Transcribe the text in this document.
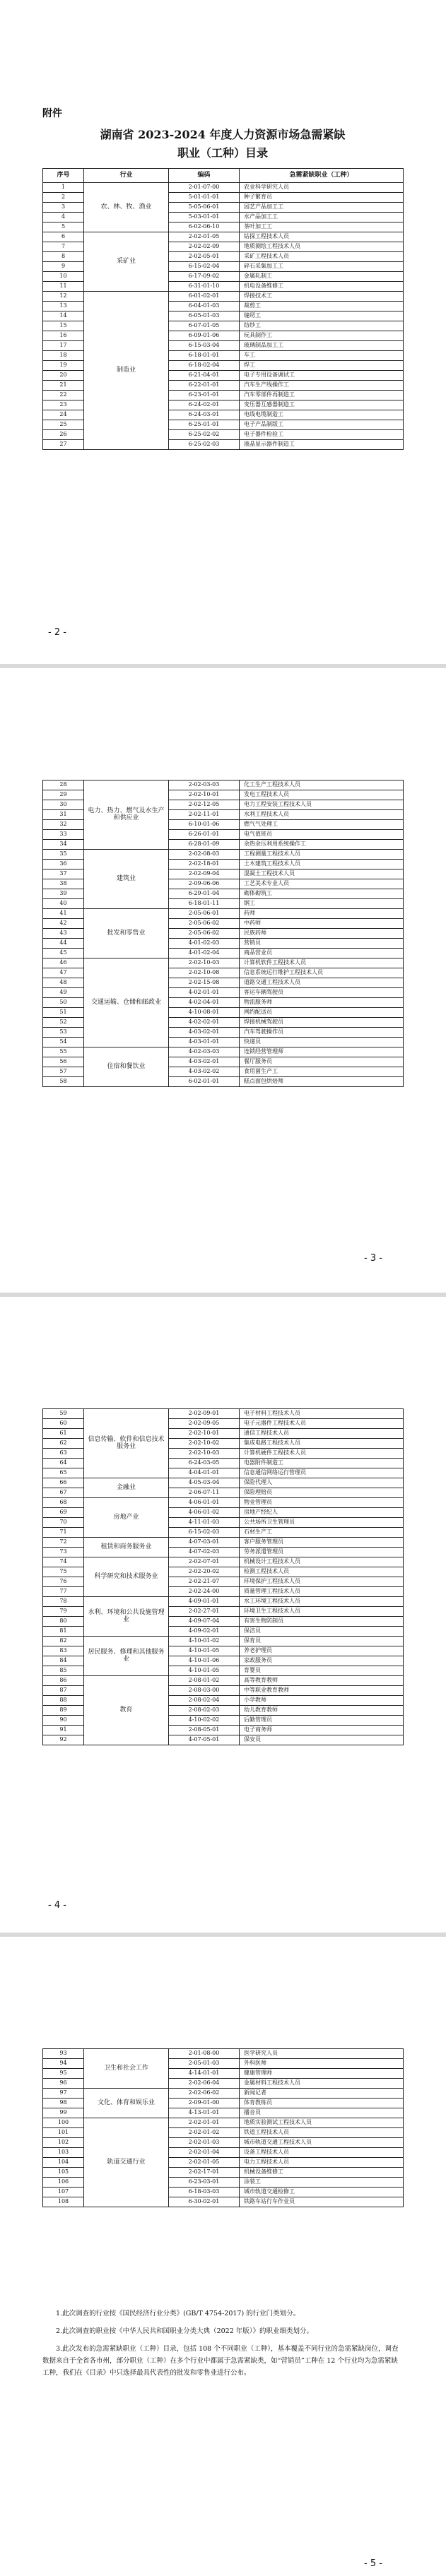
附件
湖南省 2023-2024 年度人力资源市场急需紧缺
职业（工种）目录
序号	行业	编码	急需紧缺职业（工种）
1	农、林、牧、渔业	2-01-07-00	农业科学研究人员
2		5-01-01-01	种子繁育员
3		5-05-06-01	园艺产品加工工
4		5-03-01-01	水产品加工工
5		6-02-06-10	茶叶加工工
6	采矿业	2-02-01-05	钻探工程技术人员
7		2-02-02-09	地质测绘工程技术人员
8		2-02-05-01	采矿工程技术人员
9		6-15-02-04	碎石采集加工工
10		6-17-09-02	金属轧制工
11		6-31-01-10	机电设备维修工
12	制造业	6-01-02-01	焊接技术工
13		6-04-01-03	裁剪工
14		6-05-01-03	缝纫工
15		6-07-01-05	纺纱工
16		6-09-01-06	玩具制作工
17		6-15-03-04	玻璃制品加工工
18		6-18-01-01	车工
19		6-18-02-04	焊工
20		6-21-04-01	电子专用设备调试工
21		6-22-01-01	汽车生产线操作工
22		6-23-01-01	汽车零部件再制造工
23		6-24-02-01	变压器互感器制造工
24		6-24-03-01	电线电缆制造工
25		6-25-01-01	电子产品制版工
26		6-25-02-02	电子器件检验工
27		6-25-02-03	液晶显示器件制造工
- 2 -
28	电力、热力、燃气及水生产和供应业	2-02-03-03	化工生产工程技术人员
29		2-02-10-01	发电工程技术人员
30		2-02-12-05	电力工程安装工程技术人员
31		2-02-11-01	水利工程技术人员
32		6-10-01-06	燃气气处理工
33		6-26-01-01	电气值班员
34		6-28-01-09	余热余压利用系统操作工
35	建筑业	2-02-08-03	工程测量工程技术人员
36		2-02-18-01	土木建筑工程技术人员
37		2-02-09-04	混凝土工程技术人员
38		2-09-06-06	工艺美术专业人员
39		6-29-01-04	砌体砌筑工
40		6-18-01-11	钢工
41	批发和零售业	2-05-06-01	药师
42		2-05-06-02	中药师
43		2-05-06-02	民族药师
44		4-01-02-03	营销员
45		4-01-02-04	商品营业员
46	交通运输、仓储和邮政业	2-02-10-03	计算机软件工程技术人员
47		2-02-10-08	信息系统运行维护工程技术人员
48		2-02-15-08	道路交通工程技术人员
49		4-02-01-01	客运车辆驾驶员
50		4-02-04-01	物流服务师
51		4-10-08-01	网约配送员
52		4-02-02-01	焊接机械驾驶员
53		4-03-02-01	汽车驾驶操作员
54		4-03-01-01	快递员
55	住宿和餐饮业	4-02-03-03	连锁经营管理师
56		4-03-02-01	餐厅服务员
57		4-03-02-02	食用菌生产工
58		6-02-01-01	糕点面包烘焙师
- 3 -
59	信息传输、软件和信息技术服务业	2-02-09-01	电子材料工程技术人员
60		2-02-09-05	电子元器件工程技术人员
61		2-02-10-01	通信工程技术人员
62		2-02-10-02	集成电路工程技术人员
63		2-02-10-03	计算机硬件工程技术人员
64		6-24-03-05	电器附件制造工
65		4-04-01-01	信息通信网络运行管理员
66	金融业	4-05-03-04	保险代理人
67		2-06-07-11	保险理赔员
68	房地产业	4-06-01-01	物业管理员
69		4-06-01-02	房地产经纪人
70		4-11-01-03	公共场所卫生管理员
71		6-15-02-03	石材生产工
72	租赁和商务服务业	4-07-03-01	客户服务管理员
73		4-07-02-03	劳务派遣管理员
74	科学研究和技术服务业	2-02-07-01	机械设计工程技术人员
75		2-02-20-02	检测工程技术人员
76		2-02-21-07	环境保护工程技术人员
77		2-02-24-00	质量管理工程技术人员
78	水利、环境和公共设施管理业	4-09-01-01	水工环境工程技术人员
79		2-02-27-01	环境卫生工程技术人员
80		4-09-07-04	有害生物防制员
81		4-09-02-01	保洁员
82	居民服务、修理和其他服务业	4-10-01-02	保育员
83		4-10-01-05	养老护理员
84		4-10-01-06	家政服务员
85		4-10-01-05	育婴员
86	教育	2-08-01-02	高等教育教师
87		2-08-03-00	中等职业教育教师
88		2-08-02-04	小学教师
89		2-08-02-03	幼儿教育教师
90		4-10-02-02	后勤管理员
91		2-08-05-01	电子商务师
92		4-07-05-01	保安员
- 4 -
93	卫生和社会工作	2-01-08-00	医学研究人员
94		2-05-01-03	外科医师
95		4-14-01-01	健康管理师
96		2-02-06-04	金属材料工程技术人员
97	文化、体育和娱乐业	2-02-06-02	新闻记者
98		2-09-01-00	体育教练员
99		4-13-01-01	播音员
100	轨道交通行业	2-02-01-01	地质实验测试工程技术人员
101		2-02-01-02	铁道工程技术人员
102		2-02-01-03	城市轨道交通工程技术人员
103		2-02-01-04	设备工程技术人员
104		2-02-01-05	电力工程技术人员
105		2-02-17-01	机械设备维修工
106		6-23-03-01	涂装工
107		6-18-03-03	城市轨道交通检修工
108		6-30-02-01	铁路车站行车作业员

1.此次调查的行业按《国民经济行业分类》(GB/T 4754-2017) 的行业门类划分。

2.此次调查的职业按《中华人民共和国职业分类大典（2022 年版）》的职业细类划分。

3.此次发布的急需紧缺职业（工种）目录，包括 108 个不同职业（工种），基本覆盖不同行业的急需紧缺岗位，调查数据来自于全省各市州，部分职业（工种）在多个行业中都属于急需紧缺类，如“营销员”工种在 12 个行业均为急需紧缺工种，我们在《目录》中只选择最具代表性的批发和零售业进行公布。

- 5 -
